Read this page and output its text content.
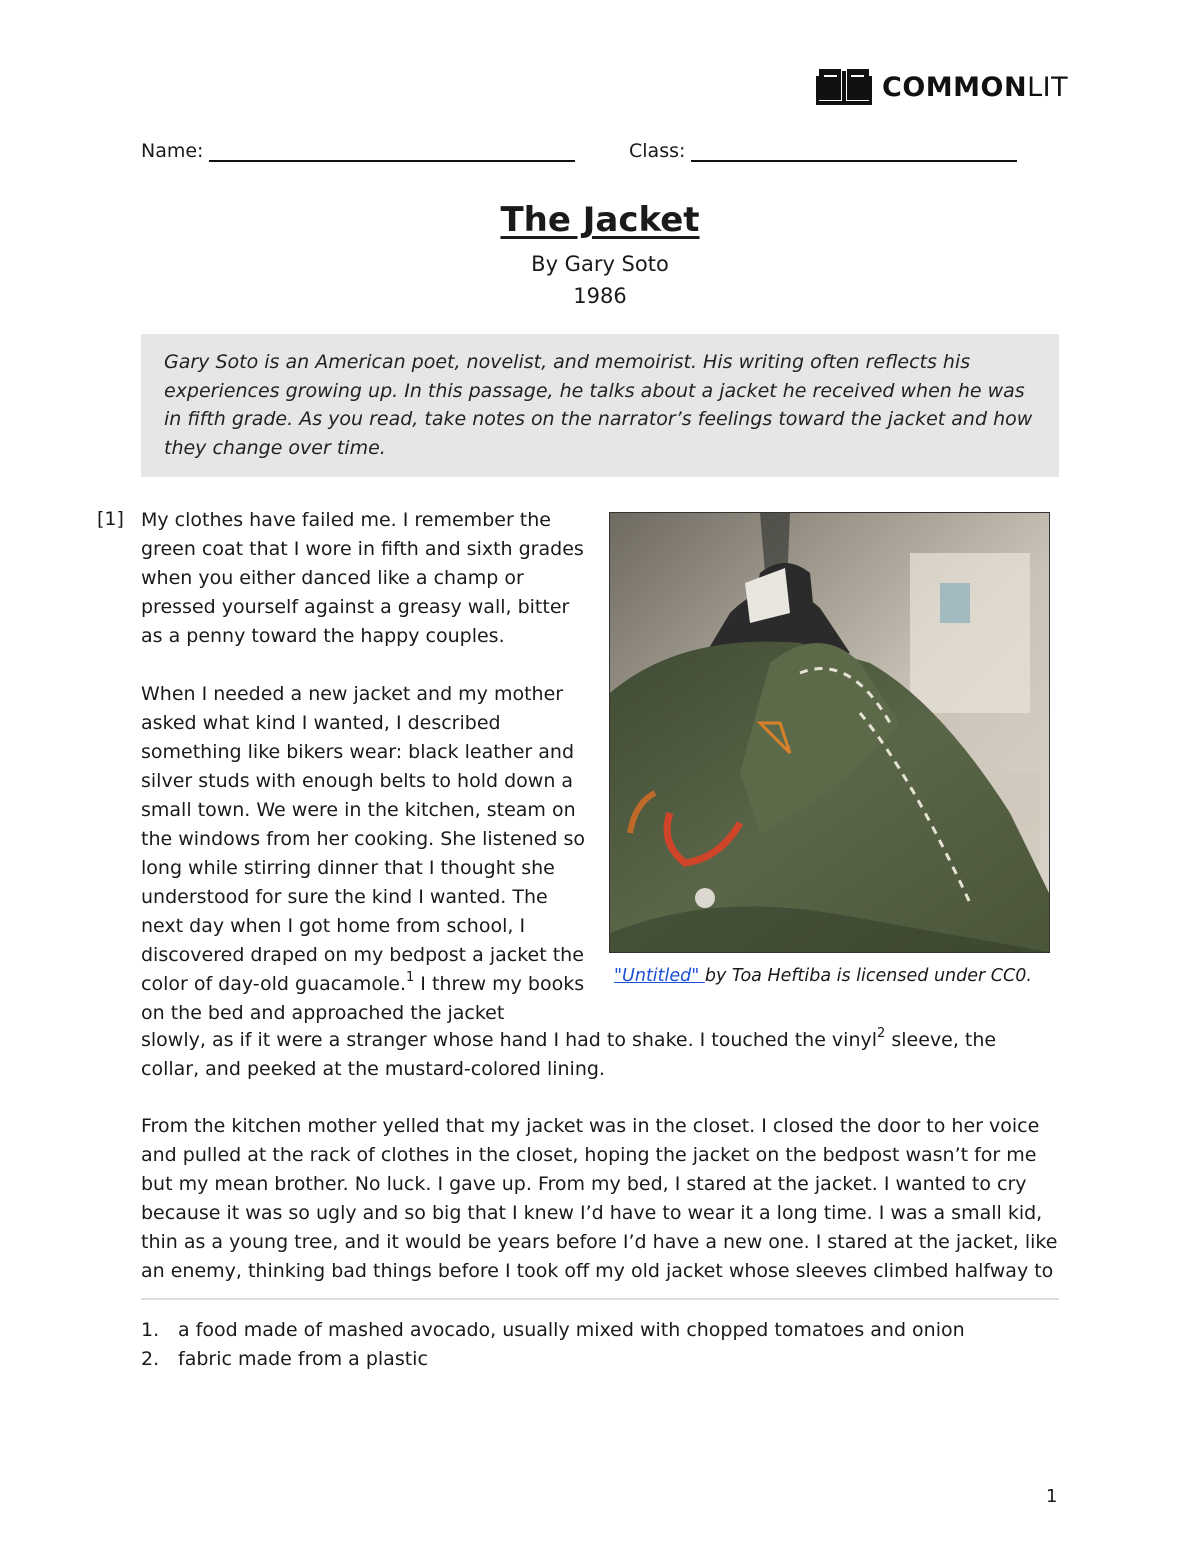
COMMONLIT
Name:	Class:
The Jacket
By Gary Soto
1986

Gary Soto is an American poet, novelist, and memoirist. His writing often reflects his experiences growing up. In this passage, he talks about a jacket he received when he was in fifth grade. As you read, take notes on the narrator’s feelings toward the jacket and how they change over time.

[1] My clothes have failed me. I remember the green coat that I wore in fifth and sixth grades when you either danced like a champ or pressed yourself against a greasy wall, bitter as a penny toward the happy couples.

When I needed a new jacket and my mother asked what kind I wanted, I described something like bikers wear: black leather and silver studs with enough belts to hold down a small town. We were in the kitchen, steam on the windows from her cooking. She listened so long while stirring dinner that I thought she understood for sure the kind I wanted. The next day when I got home from school, I discovered draped on my bedpost a jacket the color of day-old guacamole.$^1$ I threw my books on the bed and approached the jacket

slowly, as if it were a stranger whose hand I had to shake. I touched the vinyl$^2$ sleeve, the collar, and peeked at the mustard-colored lining.

From the kitchen mother yelled that my jacket was in the closet. I closed the door to her voice and pulled at the rack of clothes in the closet, hoping the jacket on the bedpost wasn’t for me but my mean brother. No luck. I gave up. From my bed, I stared at the jacket. I wanted to cry because it was so ugly and so big that I knew I’d have to wear it a long time. I was a small kid, thin as a young tree, and it would be years before I’d have a new one. I stared at the jacket, like an enemy, thinking bad things before I took off my old jacket whose sleeves climbed halfway to

"Untitled" by Toa Heftiba is licensed under CC0.
1. a food made of mashed avocado, usually mixed with chopped tomatoes and onion
2. fabric made from a plastic
1
